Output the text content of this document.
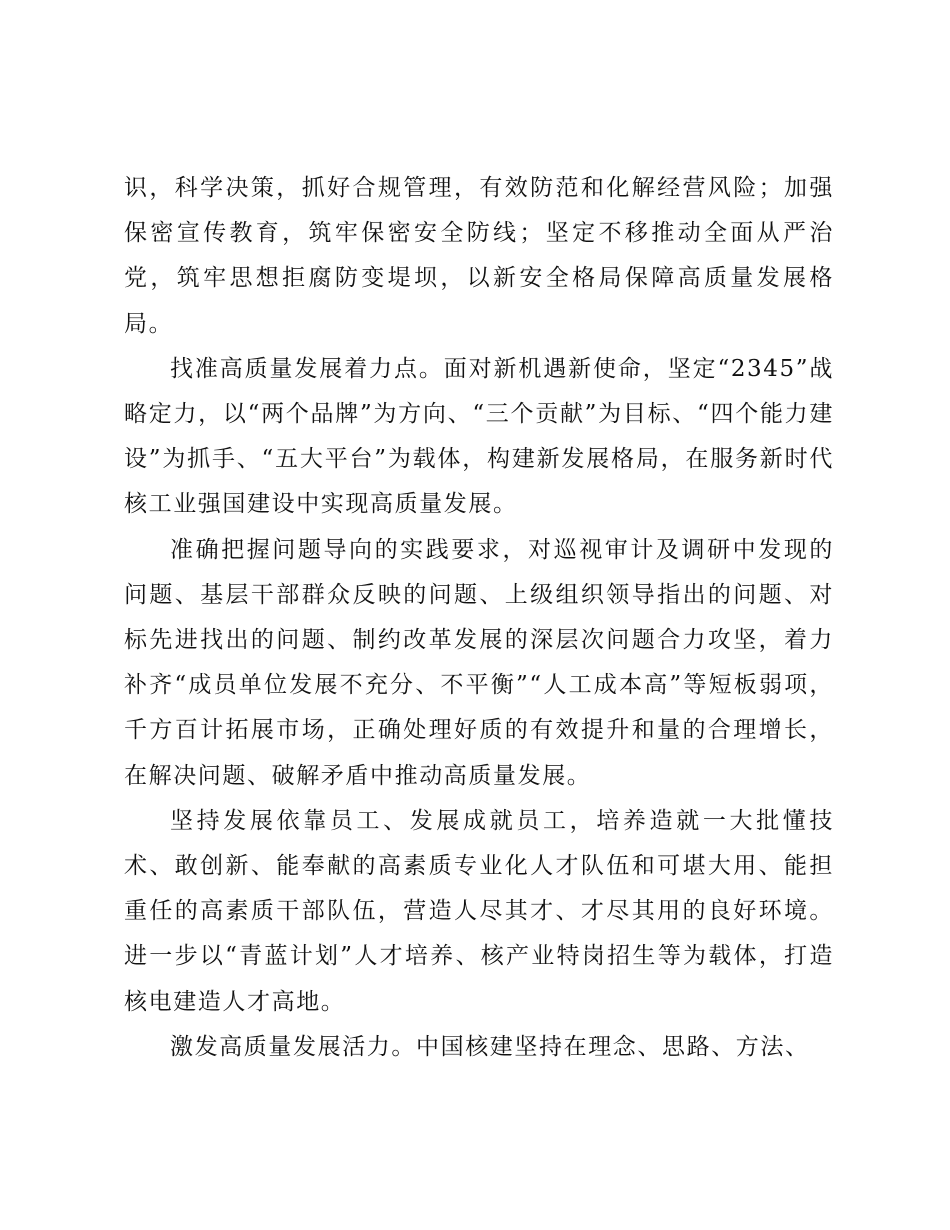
识，科学决策，抓好合规管理，有效防范和化解经营风险；加强保密宣传教育，筑牢保密安全防线；坚定不移推动全面从严治党，筑牢思想拒腐防变堤坝，以新安全格局保障高质量发展格局。

找准高质量发展着力点。面对新机遇新使命，坚定“2345”战略定力，以“两个品牌”为方向、“三个贡献”为目标、“四个能力建设”为抓手、“五大平台”为载体，构建新发展格局，在服务新时代核工业强国建设中实现高质量发展。

准确把握问题导向的实践要求，对巡视审计及调研中发现的问题、基层干部群众反映的问题、上级组织领导指出的问题、对标先进找出的问题、制约改革发展的深层次问题合力攻坚，着力补齐“成员单位发展不充分、不平衡”“人工成本高”等短板弱项，千方百计拓展市场，正确处理好质的有效提升和量的合理增长，在解决问题、破解矛盾中推动高质量发展。

坚持发展依靠员工、发展成就员工，培养造就一大批懂技术、敢创新、能奉献的高素质专业化人才队伍和可堪大用、能担重任的高素质干部队伍，营造人尽其才、才尽其用的良好环境。进一步以“青蓝计划”人才培养、核产业特岗招生等为载体，打造核电建造人才高地。

激发高质量发展活力。中国核建坚持在理念、思路、方法、
